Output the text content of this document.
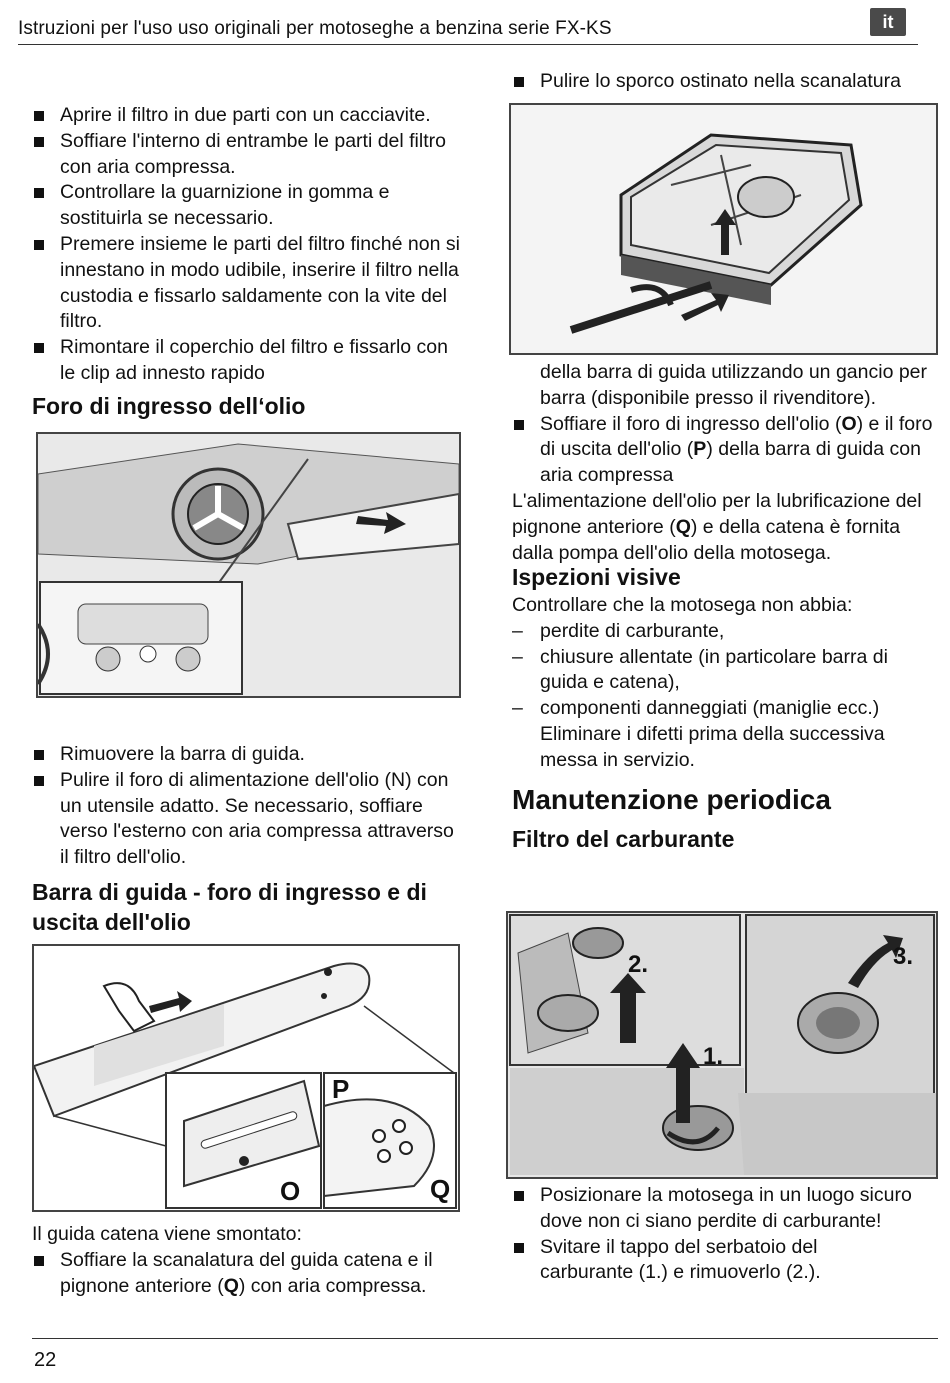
Istruzioni per l'uso uso originali per motoseghe a benzina serie FX-KS	it
Aprire il filtro in due parti con un cacciavite.
Soffiare l'interno di entrambe le parti del filtro con aria compressa.
Controllare la guarnizione in gomma e sostituirla se necessario.
Premere insieme le parti del filtro finché non si innestano in modo udibile, inserire il filtro nella custodia e fissarlo saldamente con la vite del filtro.
Rimontare il coperchio del filtro e fissarlo con le clip ad innesto rapido
Foro di ingresso dell‘olio
Rimuovere la barra di guida.
Pulire il foro di alimentazione dell'olio (N) con un utensile adatto. Se necessario, soffiare verso l'esterno con aria compressa attraverso il filtro dell'olio.
Barra di guida - foro di ingresso e di uscita dell'olio
P
O	Q
Il guida catena viene smontato:
Soffiare la scanalatura del guida catena e il pignone anteriore (Q) con aria compressa.
Pulire lo sporco ostinato nella scanalatura
della barra di guida utilizzando un gancio per barra (disponibile presso il rivenditore).
Soffiare il foro di ingresso dell'olio (O) e il foro di uscita dell'olio (P) della barra di guida con aria compressa
L'alimentazione dell'olio per la lubrificazione del pignone anteriore (Q) e della catena è fornita dalla pompa dell'olio della motosega.
Ispezioni visive
Controllare che la motosega non abbia:
– perdite di carburante,
– chiusure allentate (in particolare barra di guida e catena),
– componenti danneggiati (maniglie ecc.) Eliminare i difetti prima della successiva messa in servizio.
Manutenzione periodica
Filtro del carburante
2.
1.
3.
Posizionare la motosega in un luogo sicuro dove non ci siano perdite di carburante!
Svitare il tappo del serbatoio del carburante (1.) e rimuoverlo (2.).
22
